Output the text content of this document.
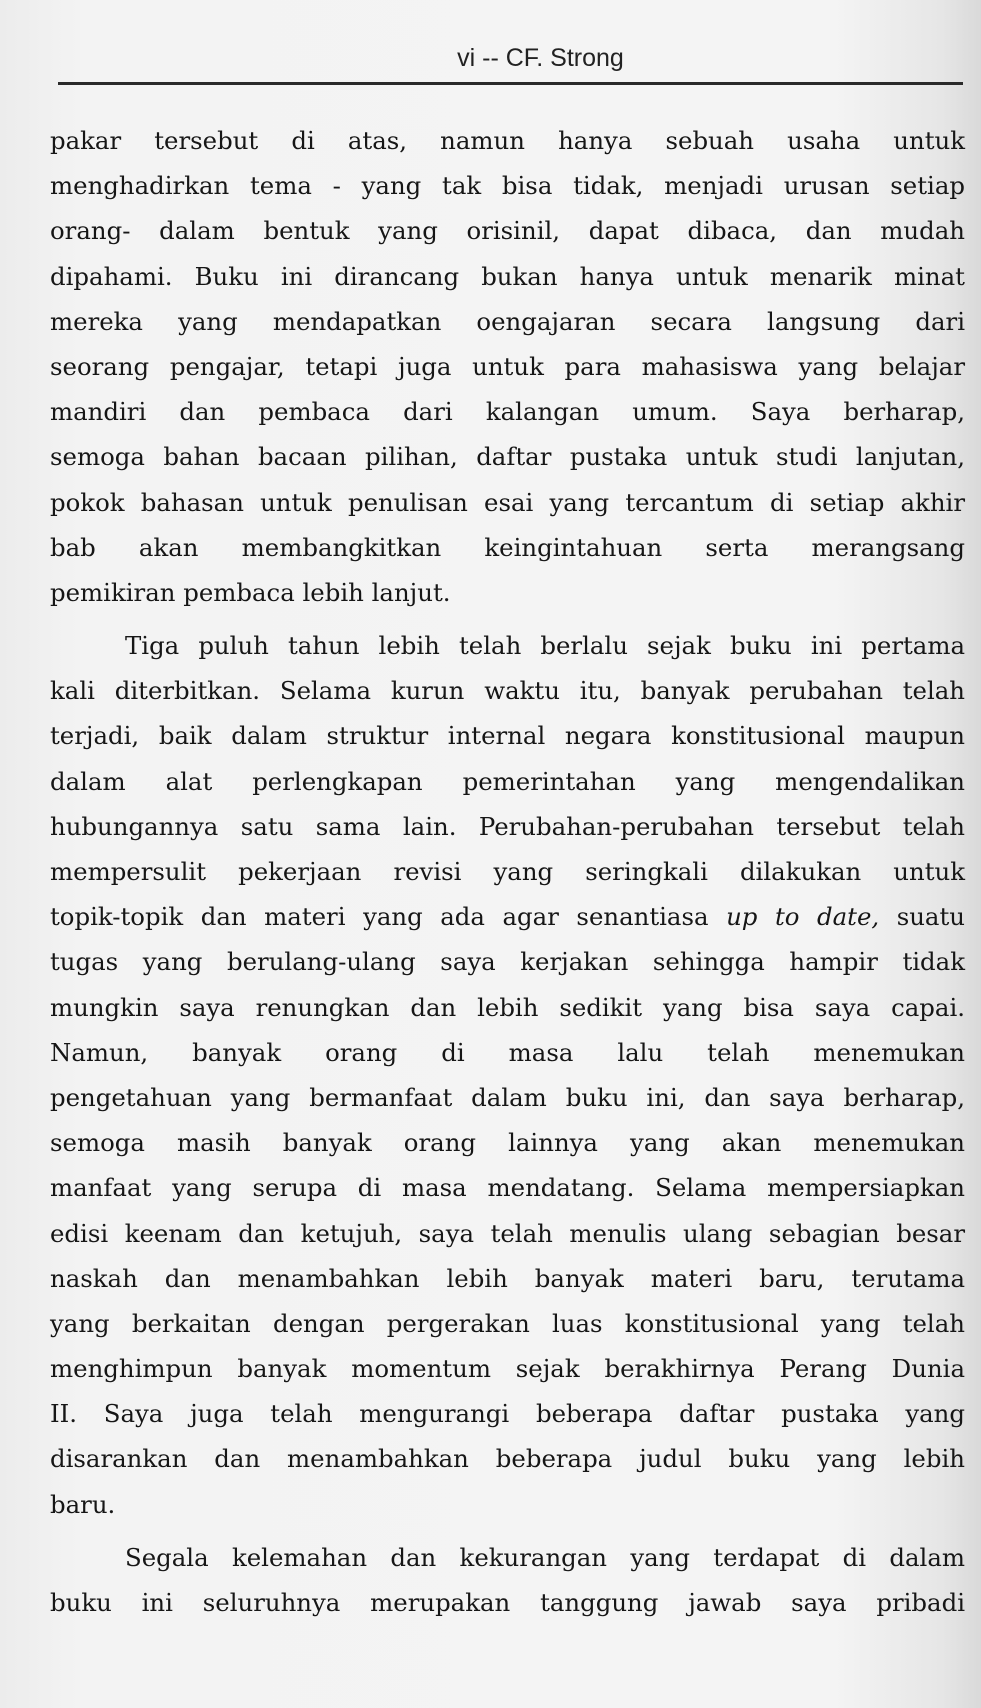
vi -- CF. Strong
pakar tersebut di atas, namun hanya sebuah usaha untuk
menghadirkan tema - yang tak bisa tidak, menjadi urusan setiap
orang- dalam bentuk yang orisinil, dapat dibaca, dan mudah
dipahami. Buku ini dirancang bukan hanya untuk menarik minat
mereka yang mendapatkan oengajaran secara langsung dari
seorang pengajar, tetapi juga untuk para mahasiswa yang belajar
mandiri dan pembaca dari kalangan umum. Saya berharap,
semoga bahan bacaan pilihan, daftar pustaka untuk studi lanjutan,
pokok bahasan untuk penulisan esai yang tercantum di setiap akhir
bab akan membangkitkan keingintahuan serta merangsang
pemikiran pembaca lebih lanjut.
Tiga puluh tahun lebih telah berlalu sejak buku ini pertama
kali diterbitkan. Selama kurun waktu itu, banyak perubahan telah
terjadi, baik dalam struktur internal negara konstitusional maupun
dalam alat perlengkapan pemerintahan yang mengendalikan
hubungannya satu sama lain. Perubahan-perubahan tersebut telah
mempersulit pekerjaan revisi yang seringkali dilakukan untuk
topik-topik dan materi yang ada agar senantiasa up to date, suatu
tugas yang berulang-ulang saya kerjakan sehingga hampir tidak
mungkin saya renungkan dan lebih sedikit yang bisa saya capai.
Namun, banyak orang di masa lalu telah menemukan
pengetahuan yang bermanfaat dalam buku ini, dan saya berharap,
semoga masih banyak orang lainnya yang akan menemukan
manfaat yang serupa di masa mendatang. Selama mempersiapkan
edisi keenam dan ketujuh, saya telah menulis ulang sebagian besar
naskah dan menambahkan lebih banyak materi baru, terutama
yang berkaitan dengan pergerakan luas konstitusional yang telah
menghimpun banyak momentum sejak berakhirnya Perang Dunia
II. Saya juga telah mengurangi beberapa daftar pustaka yang
disarankan dan menambahkan beberapa judul buku yang lebih
baru.
Segala kelemahan dan kekurangan yang terdapat di dalam
buku ini seluruhnya merupakan tanggung jawab saya pribadi
